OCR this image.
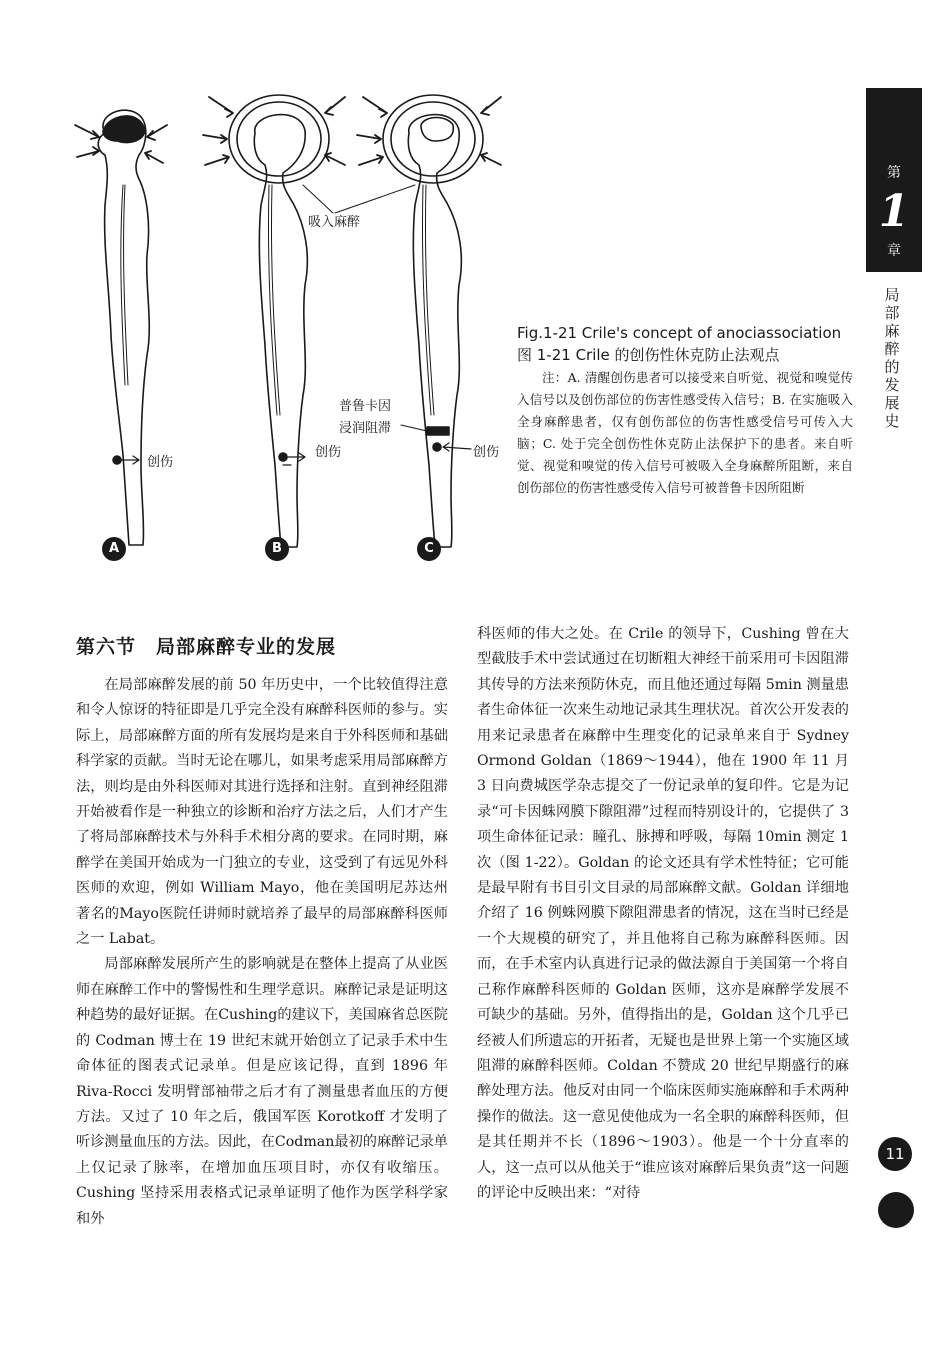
第
1
章
局部麻醉的发展史
吸入麻醉
普鲁卡因
浸润阻滞
创伤
创伤	创伤
A	B	C
Fig.1-21 Crile's concept of anociassociation
图 1-21 Crile 的创伤性休克防止法观点
注：A. 清醒创伤患者可以接受来自听觉、视觉和嗅觉传入信号以及创伤部位的伤害性感受传入信号；B. 在实施吸入全身麻醉患者，仅有创伤部位的伤害性感受信号可传入大脑；C. 处于完全创伤性休克防止法保护下的患者。来自听觉、视觉和嗅觉的传入信号可被吸入全身麻醉所阻断，来自创伤部位的伤害性感受传入信号可被普鲁卡因所阻断
第六节　局部麻醉专业的发展

在局部麻醉发展的前 50 年历史中，一个比较值得注意和令人惊讶的特征即是几乎完全没有麻醉科医师的参与。实际上，局部麻醉方面的所有发展均是来自于外科医师和基础科学家的贡献。当时无论在哪儿，如果考虑采用局部麻醉方法，则均是由外科医师对其进行选择和注射。直到神经阻滞开始被看作是一种独立的诊断和治疗方法之后，人们才产生了将局部麻醉技术与外科手术相分离的要求。在同时期，麻醉学在美国开始成为一门独立的专业，这受到了有远见外科医师的欢迎，例如 William Mayo，他在美国明尼苏达州著名的Mayo医院任讲师时就培养了最早的局部麻醉科医师之一 Labat。

局部麻醉发展所产生的影响就是在整体上提高了从业医师在麻醉工作中的警惕性和生理学意识。麻醉记录是证明这种趋势的最好证据。在Cushing的建议下，美国麻省总医院的 Codman 博士在 19 世纪末就开始创立了记录手术中生命体征的图表式记录单。但是应该记得，直到 1896 年 Riva-Rocci 发明臂部袖带之后才有了测量患者血压的方便方法。又过了 10 年之后，俄国军医 Korotkoff 才发明了听诊测量血压的方法。因此，在Codman最初的麻醉记录单上仅记录了脉率，在增加血压项目时，亦仅有收缩压。Cushing 坚持采用表格式记录单证明了他作为医学科学家和外

科医师的伟大之处。在 Crile 的领导下，Cushing 曾在大型截肢手术中尝试通过在切断粗大神经干前采用可卡因阻滞其传导的方法来预防休克，而且他还通过每隔 5min 测量患者生命体征一次来生动地记录其生理状况。首次公开发表的用来记录患者在麻醉中生理变化的记录单来自于 Sydney Ormond Goldan（1869～1944），他在 1900 年 11 月 3 日向费城医学杂志提交了一份记录单的复印件。它是为记录“可卡因蛛网膜下隙阻滞”过程而特别设计的，它提供了 3 项生命体征记录：瞳孔、脉搏和呼吸，每隔 10min 测定 1 次（图 1-22）。Goldan 的论文还具有学术性特征；它可能是最早附有书目引文目录的局部麻醉文献。Goldan 详细地介绍了 16 例蛛网膜下隙阻滞患者的情况，这在当时已经是一个大规模的研究了，并且他将自己称为麻醉科医师。因而，在手术室内认真进行记录的做法源自于美国第一个将自己称作麻醉科医师的 Goldan 医师，这亦是麻醉学发展不可缺少的基础。另外，值得指出的是，Goldan 这个几乎已经被人们所遗忘的开拓者，无疑也是世界上第一个实施区域阻滞的麻醉科医师。Coldan 不赞成 20 世纪早期盛行的麻醉处理方法。他反对由同一个临床医师实施麻醉和手术两种操作的做法。这一意见使他成为一名全职的麻醉科医师，但是其任期并不长（1896～1903）。他是一个十分直率的人，这一点可以从他关于“谁应该对麻醉后果负责”这一问题的评论中反映出来：“对待

11
